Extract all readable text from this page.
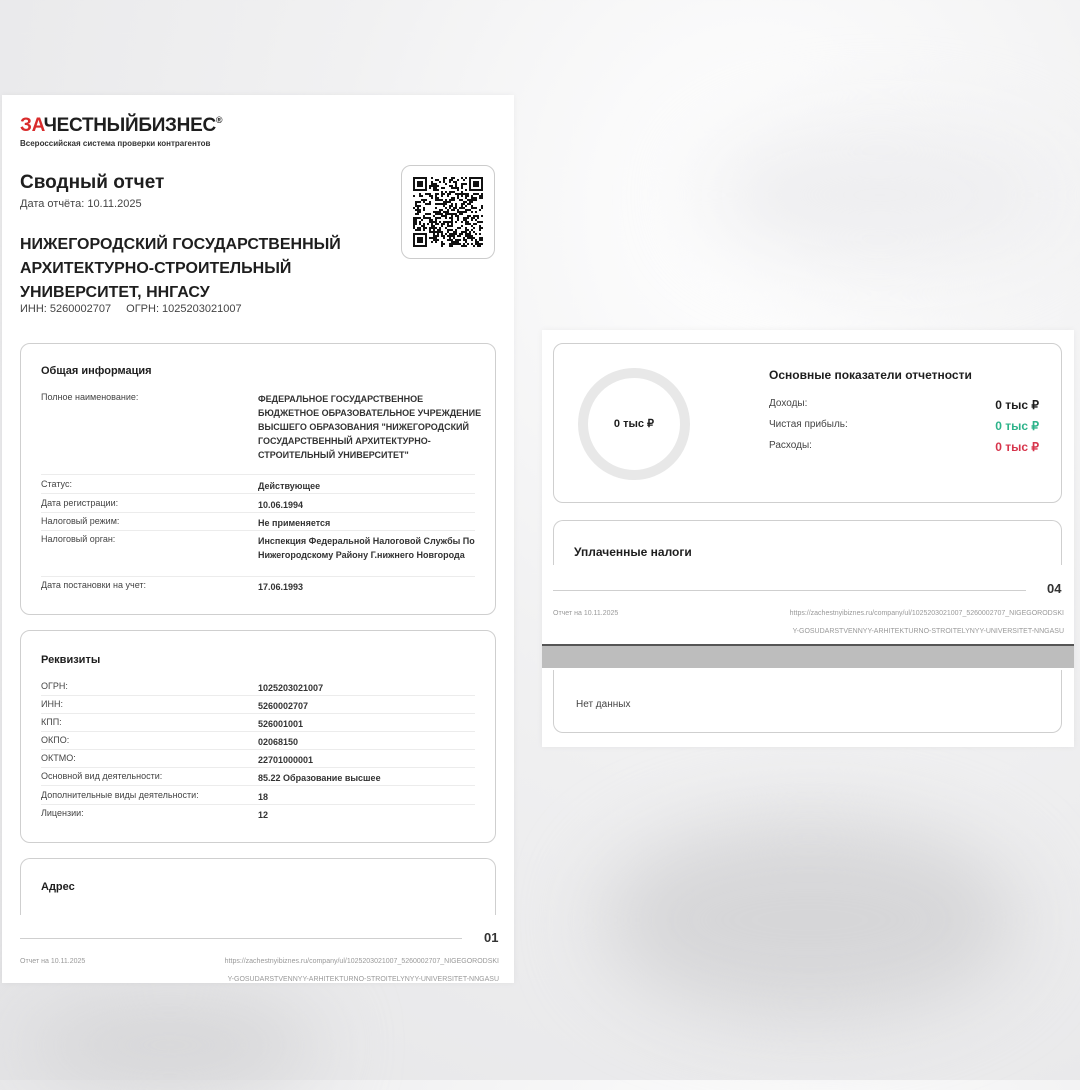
ЗАЧЕСТНЫЙБИЗНЕС®
Всероссийская система проверки контрагентов
Сводный отчет
Дата отчёта: 10.11.2025
НИЖЕГОРОДСКИЙ ГОСУДАРСТВЕННЫЙ АРХИТЕКТУРНО-СТРОИТЕЛЬНЫЙ УНИВЕРСИТЕТ, ННГАСУ
ИНН: 5260002707 ОГРН: 1025203021007
Общая информация
Полное наименование:	ФЕДЕРАЛЬНОЕ ГОСУДАРСТВЕННОЕ БЮДЖЕТНОЕ ОБРАЗОВАТЕЛЬНОЕ УЧРЕЖДЕНИЕ ВЫСШЕГО ОБРАЗОВАНИЯ "НИЖЕГОРОДСКИЙ ГОСУДАРСТВЕННЫЙ АРХИТЕКТУРНО-СТРОИТЕЛЬНЫЙ УНИВЕРСИТЕТ"
Статус:	Действующее
Дата регистрации:	10.06.1994
Налоговый режим:	Не применяется
Налоговый орган:	Инспекция Федеральной Налоговой Службы По Нижегородскому Району Г.нижнего Новгорода
Дата постановки на учет:	17.06.1993
Реквизиты
ОГРН:	1025203021007
ИНН:	5260002707
КПП:	526001001
ОКПО:	02068150
ОКТМО:	22701000001
Основной вид деятельности:	85.22 Образование высшее
Дополнительные виды деятельности:	18
Лицензии:	12
Адрес
01
Отчет на 10.11.2025	https://zachestnyibiznes.ru/company/ul/1025203021007_5260002707_NIGEGORODSKI
Y-GOSUDARSTVENNYY-ARHITEKTURNO-STROITELYNYY-UNIVERSITET-NNGASU
0 тыс ₽
Основные показатели отчетности
Доходы:	0 тыс ₽
Чистая прибыль:	0 тыс ₽
Расходы:	0 тыс ₽
Уплаченные налоги
04
Отчет на 10.11.2025	https://zachestnyibiznes.ru/company/ul/1025203021007_5260002707_NIGEGORODSKI
Y-GOSUDARSTVENNYY-ARHITEKTURNO-STROITELYNYY-UNIVERSITET-NNGASU
Нет данных
